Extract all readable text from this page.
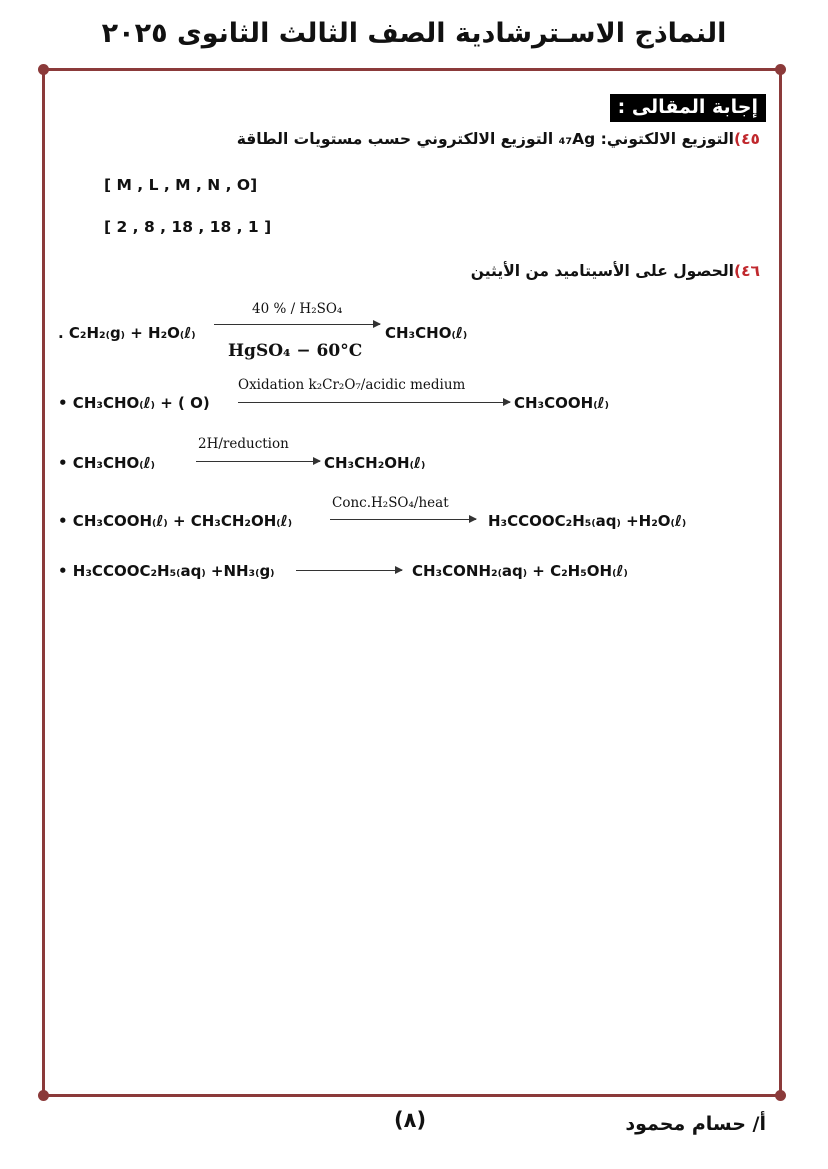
النماذج الاسـترشادية الصف الثالث الثانوى ٢٠٢٥
إجابة المقالى :
٤٥)التوزيع الالكتوني: ₄₇Ag التوزيع الالكتروني حسب مستويات الطاقة
[ M , L , M , N , O]
[ 2 , 8 , 18 , 18 , 1 ]
٤٦)الحصول على الأسيتاميد من الأيثين
. C₂H₂₍g₎ + H₂O₍ℓ₎
40 % / H₂SO₄
HgSO₄ − 60°C
CH₃CHO₍ℓ₎
• CH₃CHO₍ℓ₎ + ( O)
Oxidation k₂Cr₂O₇/acidic medium
CH₃COOH₍ℓ₎
• CH₃CHO₍ℓ₎
2H/reduction
CH₃CH₂OH₍ℓ₎
• CH₃COOH₍ℓ₎ + CH₃CH₂OH₍ℓ₎
Conc.H₂SO₄/heat
H₃CCOOC₂H₅₍aq₎ +H₂O₍ℓ₎
• H₃CCOOC₂H₅₍aq₎ +NH₃₍g₎	CH₃CONH₂₍aq₎ + C₂H₅OH₍ℓ₎
أ/ حسام محمود
(٨)
